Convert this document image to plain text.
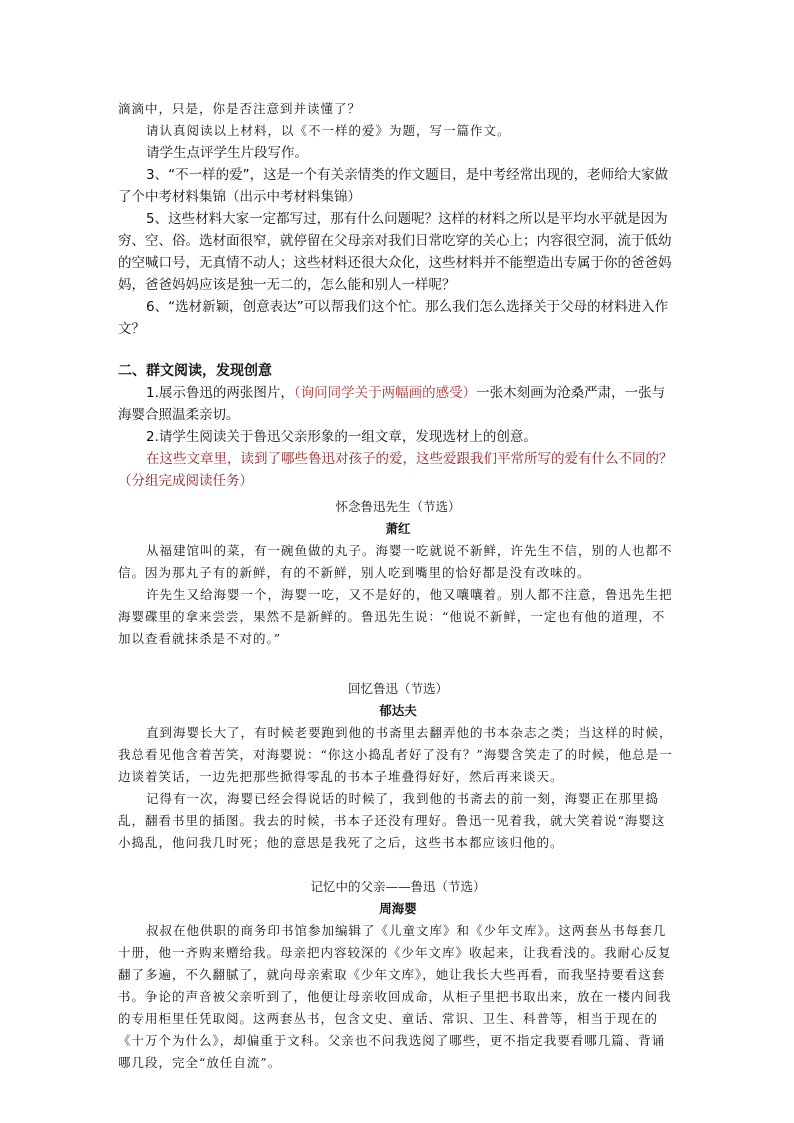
滴滴中，只是，你是否注意到并读懂了？

请认真阅读以上材料，以《不一样的爱》为题，写一篇作文。

请学生点评学生片段写作。

3、“不一样的爱”，这是一个有关亲情类的作文题目，是中考经常出现的，老师给大家做了个中考材料集锦（出示中考材料集锦）

5、这些材料大家一定都写过，那有什么问题呢？这样的材料之所以是平均水平就是因为穷、空、俗。选材面很窄，就停留在父母亲对我们日常吃穿的关心上；内容很空洞，流于低幼的空喊口号，无真情不动人；这些材料还很大众化，这些材料并不能塑造出专属于你的爸爸妈妈，爸爸妈妈应该是独一无二的，怎么能和别人一样呢？

6、“选材新颖，创意表达”可以帮我们这个忙。那么我们怎么选择关于父母的材料进入作文？

二、群文阅读，发现创意

1.展示鲁迅的两张图片，（询问同学关于两幅画的感受）一张木刻画为沧桑严肃，一张与海婴合照温柔亲切。

2.请学生阅读关于鲁迅父亲形象的一组文章，发现选材上的创意。

在这些文章里，读到了哪些鲁迅对孩子的爱，这些爱跟我们平常所写的爱有什么不同的？（分组完成阅读任务）

怀念鲁迅先生（节选）

萧红

从福建馆叫的菜，有一碗鱼做的丸子。海婴一吃就说不新鲜，许先生不信，别的人也都不信。因为那丸子有的新鲜，有的不新鲜，别人吃到嘴里的恰好都是没有改味的。

许先生又给海婴一个，海婴一吃，又不是好的，他又嚷嚷着。别人都不注意，鲁迅先生把海婴碟里的拿来尝尝，果然不是新鲜的。鲁迅先生说：“他说不新鲜，一定也有他的道理，不加以查看就抹杀是不对的。”

回忆鲁迅（节选）

郁达夫

直到海婴长大了，有时候老要跑到他的书斋里去翻弄他的书本杂志之类；当这样的时候，我总看见他含着苦笑，对海婴说：“你这小捣乱者好了没有？”海婴含笑走了的时候，他总是一边谈着笑话，一边先把那些掀得零乱的书本子堆叠得好好，然后再来谈天。

记得有一次，海婴已经会得说话的时候了，我到他的书斋去的前一刻，海婴正在那里捣乱，翻看书里的插图。我去的时候，书本子还没有理好。鲁迅一见着我，就大笑着说“海婴这小捣乱，他问我几时死；他的意思是我死了之后，这些书本都应该归他的。

记忆中的父亲——鲁迅（节选）

周海婴

叔叔在他供职的商务印书馆参加编辑了《儿童文库》和《少年文库》。这两套丛书每套几十册，他一齐购来赠给我。母亲把内容较深的《少年文库》收起来，让我看浅的。我耐心反复翻了多遍，不久翻腻了，就向母亲索取《少年文库》，她让我长大些再看，而我坚持要看这套书。争论的声音被父亲听到了，他便让母亲收回成命，从柜子里把书取出来，放在一楼内间我的专用柜里任凭取阅。这两套丛书，包含文史、童话、常识、卫生、科普等，相当于现在的《十万个为什么》，却偏重于文科。父亲也不问我选阅了哪些，更不指定我要看哪几篇、背诵哪几段，完全“放任自流”。
